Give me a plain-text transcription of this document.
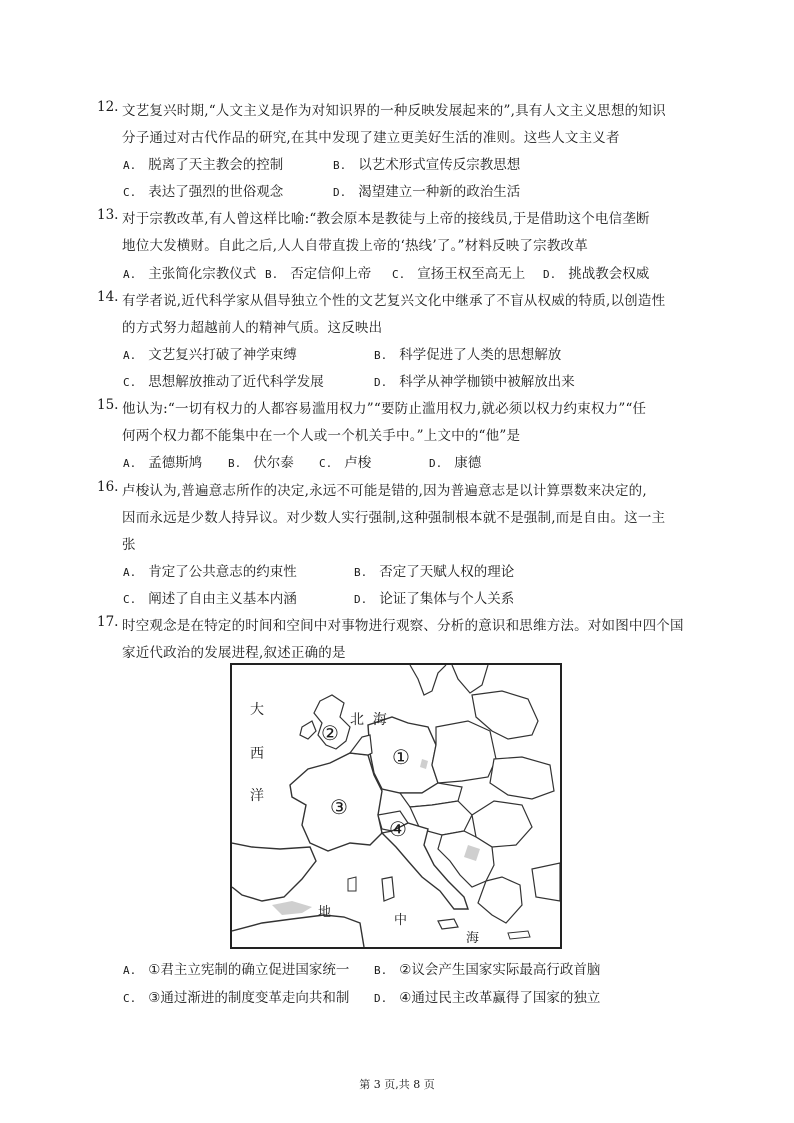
12. 文艺复兴时期,“人文主义是作为对知识界的一种反映发展起来的”,具有人文主义思想的知识
分子通过对古代作品的研究,在其中发现了建立更美好生活的准则。这些人文主义者
A. 脱离了天主教会的控制	B. 以艺术形式宣传反宗教思想
C. 表达了强烈的世俗观念	D. 渴望建立一种新的政治生活
13. 对于宗教改革,有人曾这样比喻:“教会原本是教徒与上帝的接线员,于是借助这个电信垄断
地位大发横财。自此之后,人人自带直拨上帝的‘热线’了。”材料反映了宗教改革
A. 主张简化宗教仪式 B. 否定信仰上帝 C. 宣扬王权至高无上 D. 挑战教会权威
14. 有学者说,近代科学家从倡导独立个性的文艺复兴文化中继承了不盲从权威的特质,以创造性
的方式努力超越前人的精神气质。这反映出
A. 文艺复兴打破了神学束缚	B. 科学促进了人类的思想解放
C. 思想解放推动了近代科学发展	D. 科学从神学枷锁中被解放出来
15. 他认为:“一切有权力的人都容易滥用权力”“要防止滥用权力,就必须以权力约束权力”“任
何两个权力都不能集中在一个人或一个机关手中。”上文中的“他”是
A. 孟德斯鸠 B. 伏尔泰 C. 卢梭	D. 康德
16. 卢梭认为,普遍意志所作的决定,永远不可能是错的,因为普遍意志是以计算票数来决定的,
因而永远是少数人持异议。对少数人实行强制,这种强制根本就不是强制,而是自由。这一主
张
A. 肯定了公共意志的约束性	B. 否定了天赋人权的理论
C. 阐述了自由主义基本内涵	D. 论证了集体与个人关系
17. 时空观念是在特定的时间和空间中对事物进行观察、分析的意识和思维方法。对如图中四个国
家近代政治的发展进程,叙述正确的是
大
西
洋
北  海
地
中
海
①
②
③
④
A. ①君主立宪制的确立促进国家统一 B. ②议会产生国家实际最高行政首脑
C. ③通过渐进的制度变革走向共和制 D. ④通过民主改革赢得了国家的独立
第 3 页,共 8 页
